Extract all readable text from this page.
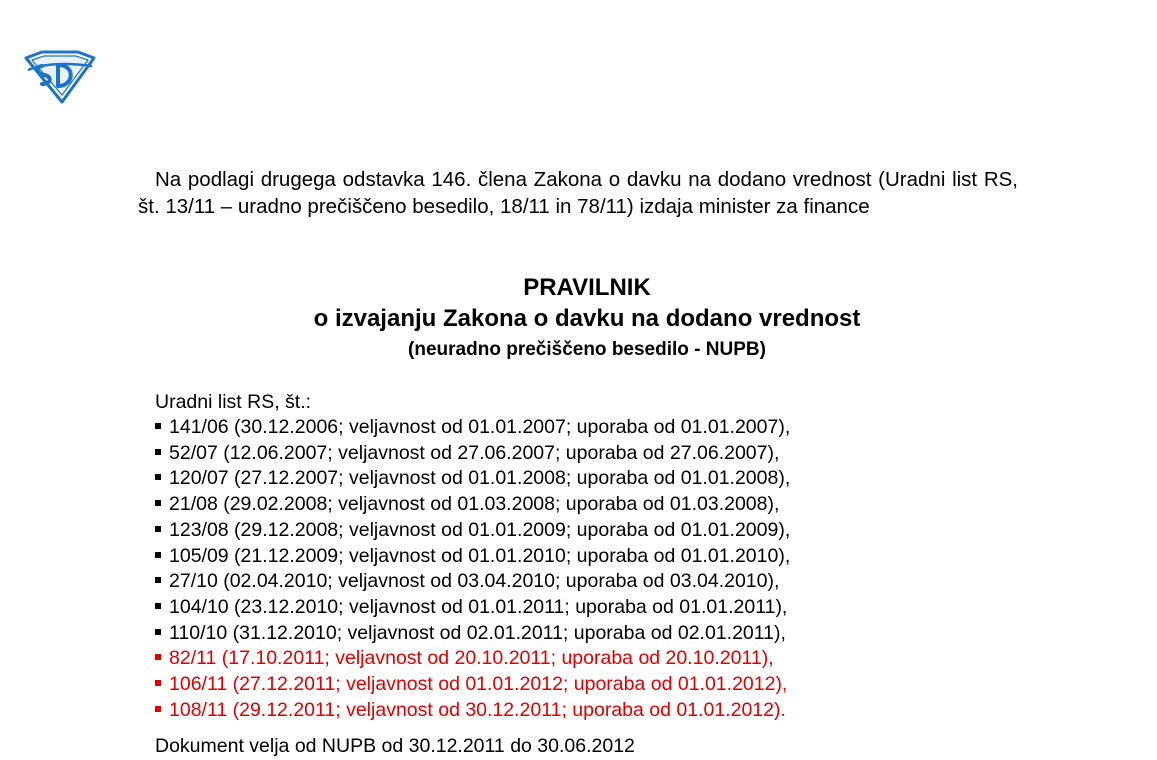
Na podlagi drugega odstavka 146. člena Zakona o davku na dodano vrednost (Uradni list RS, št. 13/11 – uradno prečiščeno besedilo, 18/11 in 78/11) izdaja minister za finance
PRAVILNIK
o izvajanju Zakona o davku na dodano vrednost
(neuradno prečiščeno besedilo - NUPB)
Uradni list RS, št.:
141/06 (30.12.2006; veljavnost od 01.01.2007; uporaba od 01.01.2007),
52/07 (12.06.2007; veljavnost od 27.06.2007; uporaba od 27.06.2007),
120/07 (27.12.2007; veljavnost od 01.01.2008; uporaba od 01.01.2008),
21/08 (29.02.2008; veljavnost od 01.03.2008; uporaba od 01.03.2008),
123/08 (29.12.2008; veljavnost od 01.01.2009; uporaba od 01.01.2009),
105/09 (21.12.2009; veljavnost od 01.01.2010; uporaba od 01.01.2010),
27/10 (02.04.2010; veljavnost od 03.04.2010; uporaba od 03.04.2010),
104/10 (23.12.2010; veljavnost od 01.01.2011; uporaba od 01.01.2011),
110/10 (31.12.2010; veljavnost od 02.01.2011; uporaba od 02.01.2011),
82/11 (17.10.2011; veljavnost od 20.10.2011; uporaba od 20.10.2011),
106/11 (27.12.2011; veljavnost od 01.01.2012; uporaba od 01.01.2012),
108/11 (29.12.2011; veljavnost od 30.12.2011; uporaba od 01.01.2012).
Dokument velja od NUPB od 30.12.2011 do 30.06.2012
